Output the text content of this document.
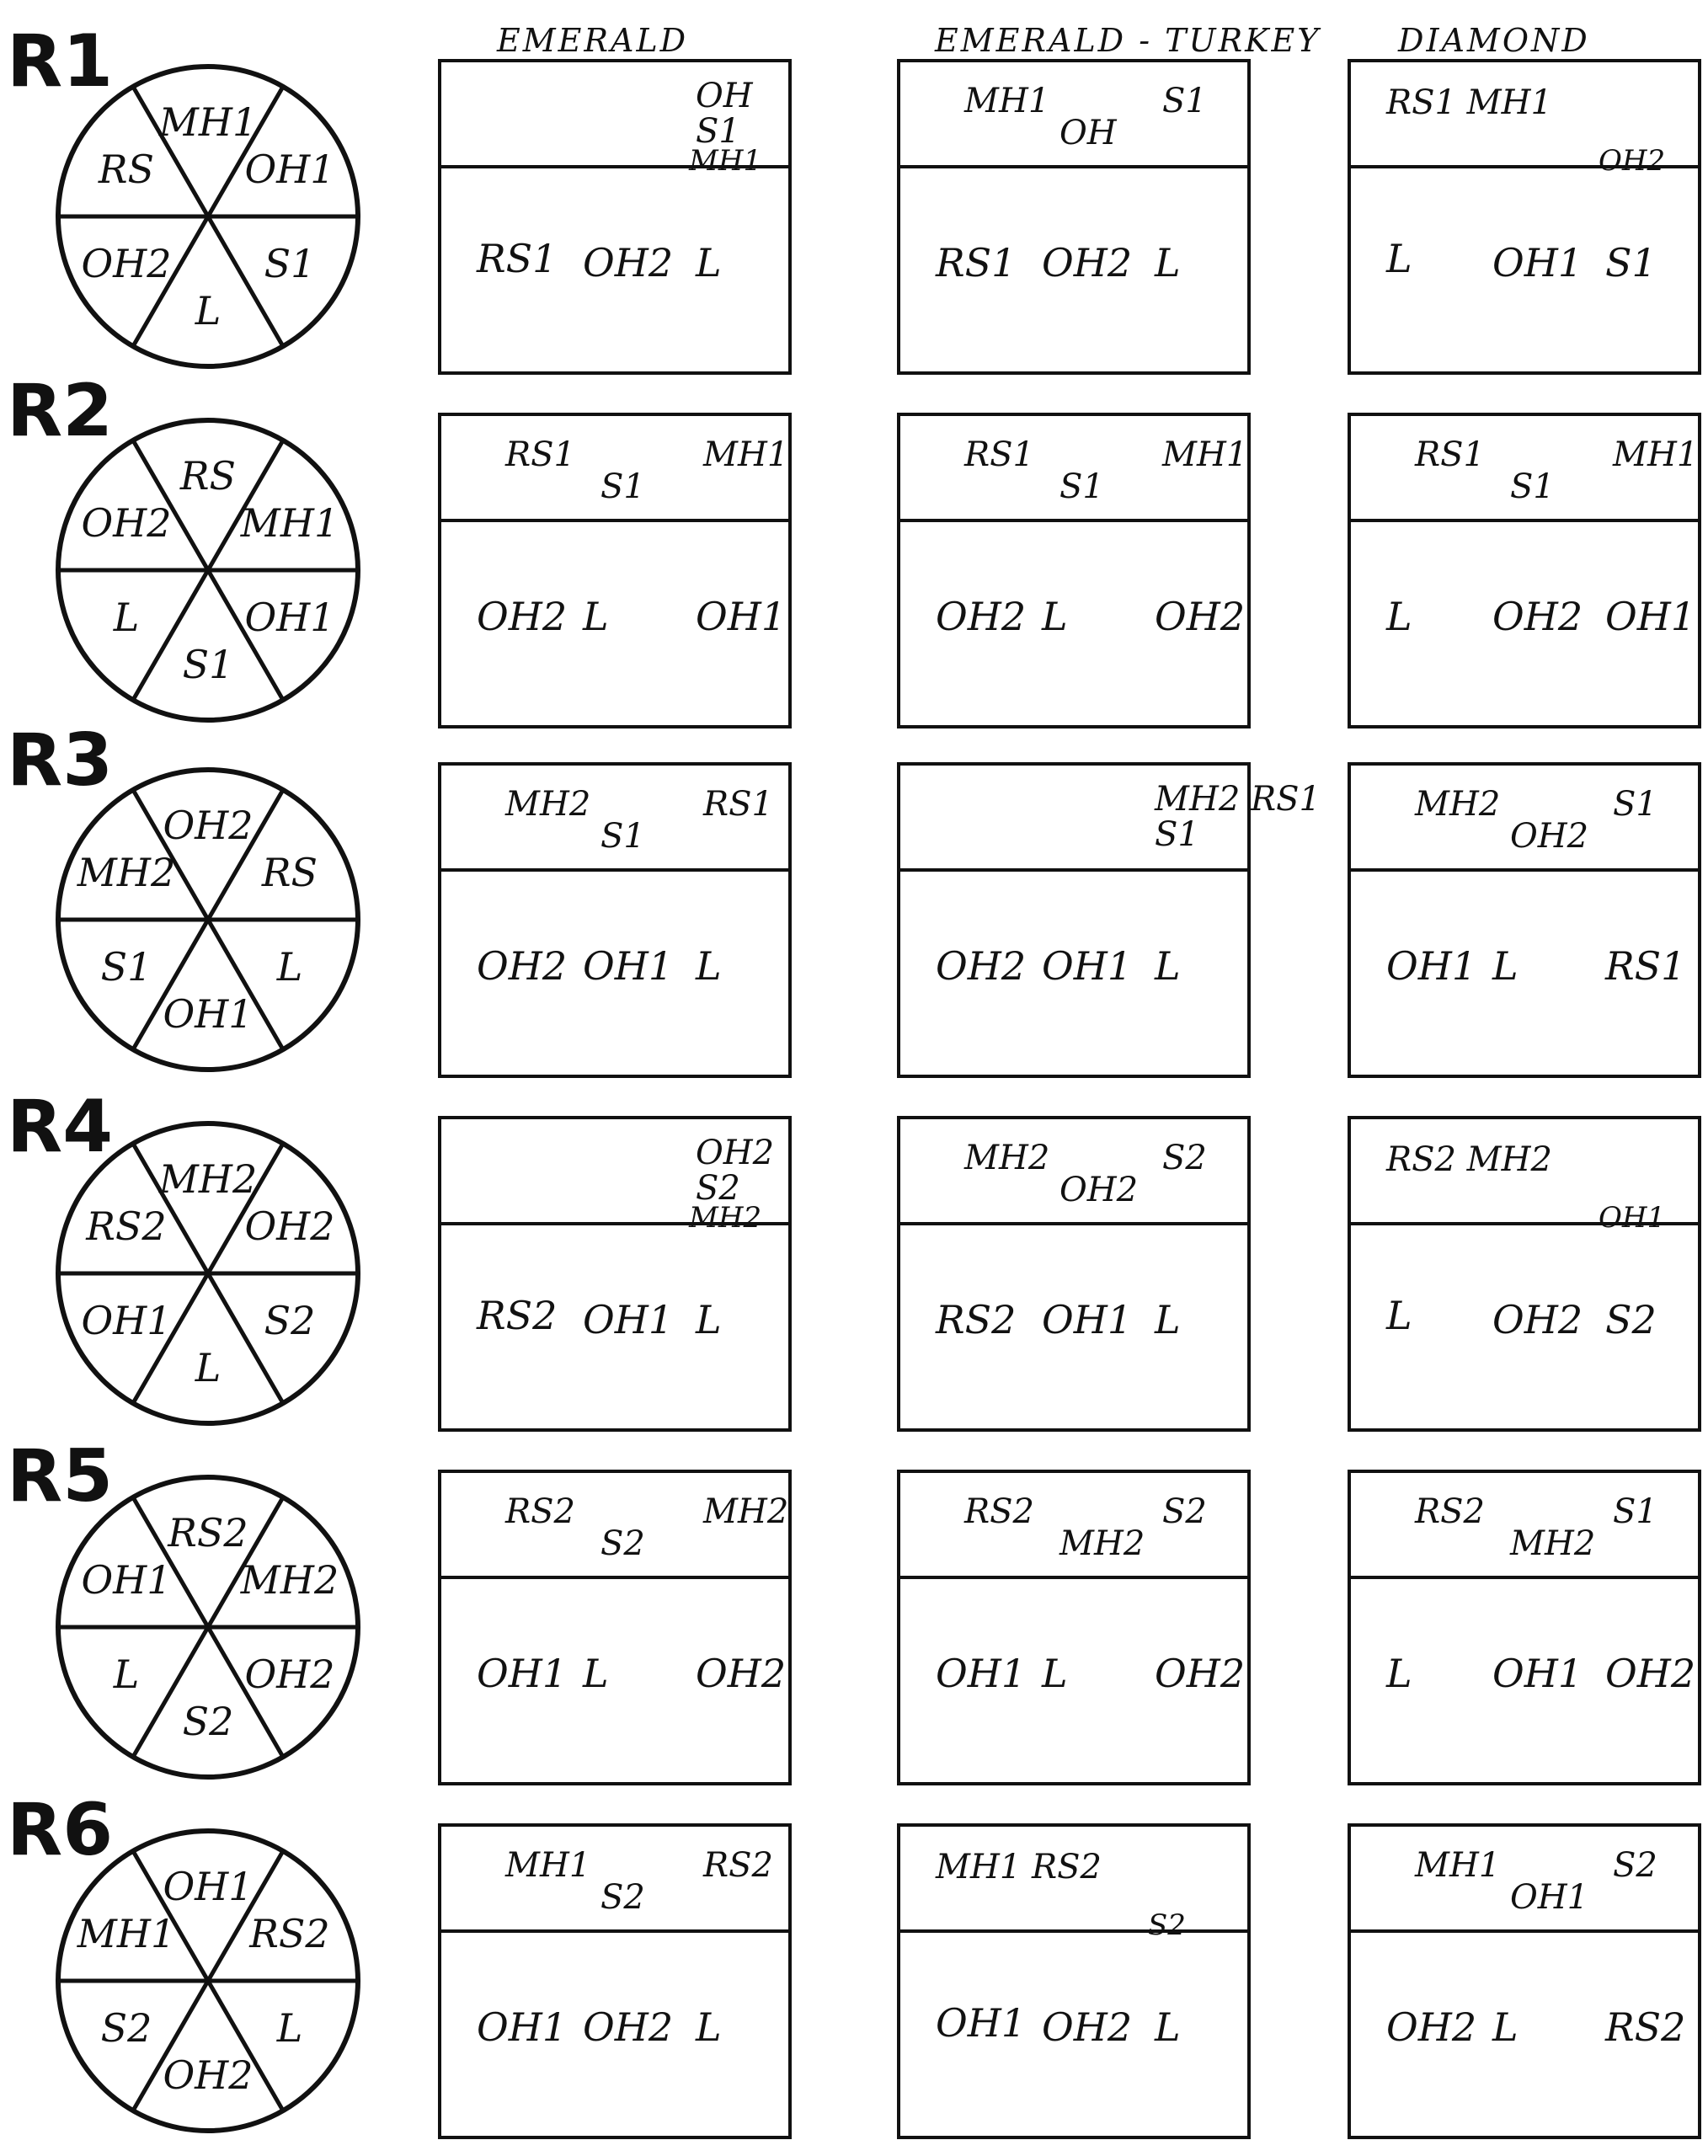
EMERALD	EMERALD - TURKEY DIAMOND
R1
MH1
OH1
S1
L
OH2
RS
OH
S1
MH1
RS1 OH2 L
MH1
OH
S1
RS1 OH2 L
RS1 MH1
OH2
L OH1 S1
R2
RS
MH1
OH1
S1
L
OH2
RS1
S1
MH1
OH2 L OH1
RS1
S1
MH1
OH2 L OH2
RS1
S1
MH1
L OH2 OH1
R3
OH2
RS
L
OH1
S1
MH2
MH2
S1
RS1
OH2 OH1 L
MH2 RS1
S1
OH2 OH1 L
MH2
OH2
S1
OH1 L RS1
R4
MH2
OH2
S2
L
OH1
RS2
OH2
S2
MH2
RS2 OH1 L
MH2
OH2
S2
RS2 OH1 L
RS2 MH2
OH1
L OH2 S2
R5
RS2
MH2
OH2
S2
L
OH1
RS2
S2
MH2
OH1 L OH2
RS2
MH2
S2
OH1 L OH2
RS2
MH2
S1
L OH1 OH2
R6
OH1
RS2
L
OH2
S2
MH1
MH1
S2
RS2
OH1 OH2 L
MH1 RS2
S2
OH1 OH2 L
MH1
OH1
S2
OH2 L RS2
